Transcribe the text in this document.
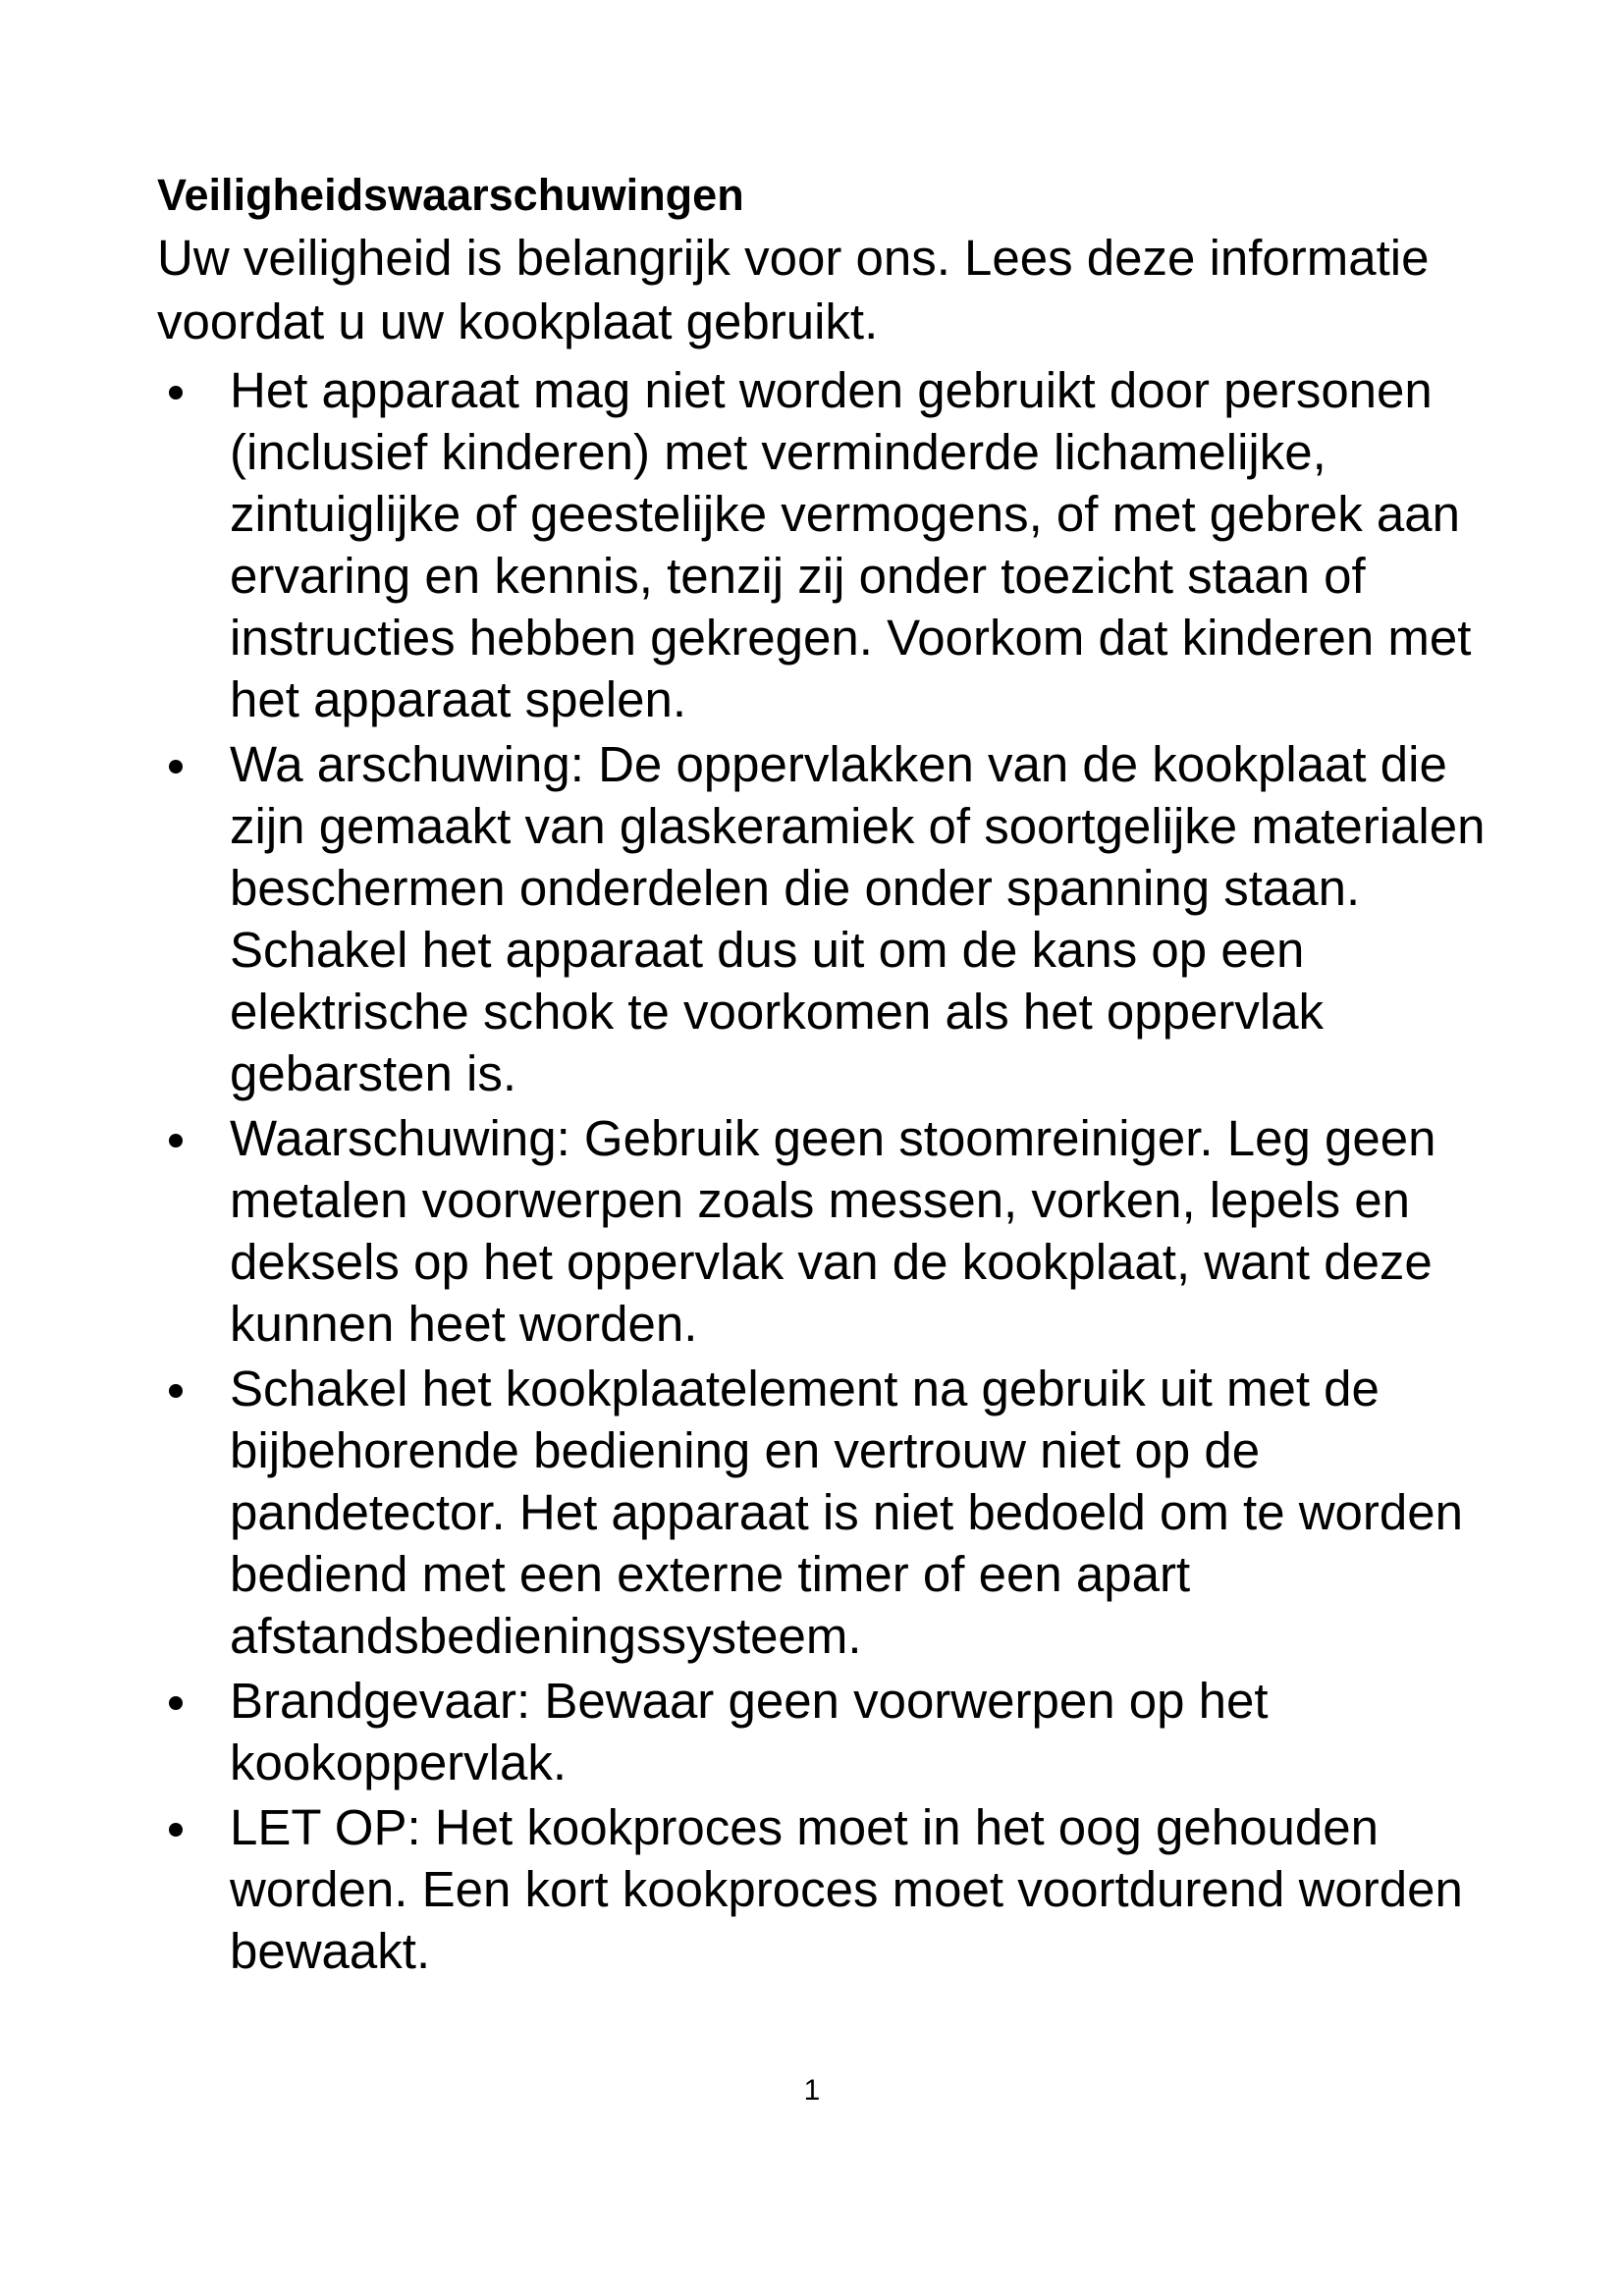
Veiligheidswaarschuwingen

Uw veiligheid is belangrijk voor ons. Lees deze informatie voordat u uw kookplaat gebruikt.

Het apparaat mag niet worden gebruikt door personen (inclusief kinderen) met verminderde lichamelijke, zintuiglijke of geestelijke vermogens, of met gebrek aan ervaring en kennis, tenzij zij onder toezicht staan of instructies hebben gekregen. Voorkom dat kinderen met het apparaat spelen.
Wa arschuwing: De oppervlakken van de kookplaat die zijn gemaakt van glaskeramiek of soortgelijke materialen beschermen onderdelen die onder spanning staan. Schakel het apparaat dus uit om de kans op een elektrische schok te voorkomen als het oppervlak gebarsten is.
Waarschuwing: Gebruik geen stoomreiniger. Leg geen metalen voorwerpen zoals messen, vorken, lepels en deksels op het oppervlak van de kookplaat, want deze kunnen heet worden.
Schakel het kookplaatelement na gebruik uit met de bijbehorende bediening en vertrouw niet op de pandetector. Het apparaat is niet bedoeld om te worden bediend met een externe timer of een apart afstandsbedieningssysteem.
Brandgevaar: Bewaar geen voorwerpen op het kookoppervlak.
LET OP: Het kookproces moet in het oog gehouden worden. Een kort kookproces moet voortdurend worden bewaakt.
1
